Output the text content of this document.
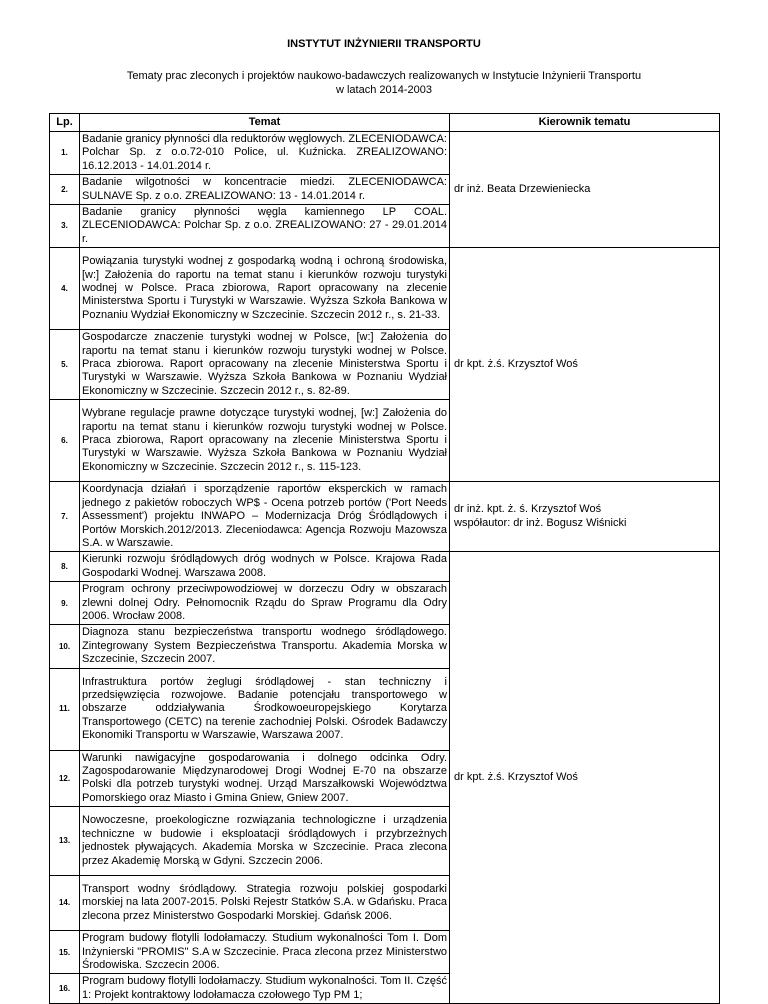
INSTYTUT INŻYNIERII TRANSPORTU
Tematy prac zleconych i projektów naukowo-badawczych realizowanych w Instytucie Inżynierii Transportu
w latach 2014-2003
Lp.	Temat	Kierownik tematu
1.	Badanie granicy płynności dla reduktorów węglowych. ZLECENIODAWCA: Polchar Sp. z o.o.72-010 Police, ul. Kuźnicka. ZREALIZOWANO: 16.12.2013 - 14.01.2014 r.	dr inż. Beata Drzewieniecka

2.	Badanie wilgotności w koncentracie miedzi. ZLECENIODAWCA: SULNAVE Sp. z o.o. ZREALIZOWANO: 13 - 14.01.2014 r.	
3.	Badanie granicy płynności węgla kamiennego LP COAL. ZLECENIODAWCA: Polchar Sp. z o.o. ZREALIZOWANO: 27 - 29.01.2014 r.	
4.	Powiązania turystyki wodnej z gospodarką wodną i ochroną środowiska, [w:] Założenia do raportu na temat stanu i kierunków rozwoju turystyki wodnej w Polsce. Praca zbiorowa, Raport opracowany na zlecenie Ministerstwa Sportu i Turystyki w Warszawie. Wyższa Szkoła Bankowa w Poznaniu Wydział Ekonomiczny w Szczecinie. Szczecin 2012 r., s. 21-33.	dr kpt. ż.ś. Krzysztof Woś

5.	Gospodarcze znaczenie turystyki wodnej w Polsce, [w:] Założenia do raportu na temat stanu i kierunków rozwoju turystyki wodnej w Polsce. Praca zbiorowa. Raport opracowany na zlecenie Ministerstwa Sportu i Turystyki w Warszawie. Wyższa Szkoła Bankowa w Poznaniu Wydział Ekonomiczny w Szczecinie. Szczecin 2012 r., s. 82-89.	
6.	Wybrane regulacje prawne dotyczące turystyki wodnej, [w:] Założenia do raportu na temat stanu i kierunków rozwoju turystyki wodnej w Polsce. Praca zbiorowa, Raport opracowany na zlecenie Ministerstwa Sportu i Turystyki w Warszawie. Wyższa Szkoła Bankowa w Poznaniu Wydział Ekonomiczny w Szczecinie. Szczecin 2012 r., s. 115-123.	
7.	Koordynacja działań i sporządzenie raportów eksperckich w ramach jednego z pakietów roboczych WP$ - Ocena potrzeb portów ('Port Needs Assessment') projektu INWAPO – Modernizacja Dróg Śródlądowych i Portów Morskich.2012/2013. Zleceniodawca: Agencja Rozwoju Mazowsza S.A. w Warszawie.	dr inż. kpt. ż. ś. Krzysztof Woś
współautor: dr inż. Bogusz Wiśnicki

8.	Kierunki rozwoju śródlądowych dróg wodnych w Polsce. Krajowa Rada Gospodarki Wodnej. Warszawa 2008.	dr kpt. ż.ś. Krzysztof Woś

9.	Program ochrony przeciwpowodziowej w dorzeczu Odry w obszarach zlewni dolnej Odry. Pełnomocnik Rządu do Spraw Programu dla Odry 2006. Wrocław 2008.	
10.	Diagnoza stanu bezpieczeństwa transportu wodnego śródlądowego. Zintegrowany System Bezpieczeństwa Transportu. Akademia Morska w Szczecinie, Szczecin 2007.	
11.	Infrastruktura portów żeglugi śródlądowej - stan techniczny i przedsięwzięcia rozwojowe. Badanie potencjału transportowego w obszarze oddziaływania Środkowoeuropejskiego Korytarza Transportowego (CETC) na terenie zachodniej Polski. Ośrodek Badawczy Ekonomiki Transportu w Warszawie, Warszawa 2007.	
12.	Warunki nawigacyjne gospodarowania i dolnego odcinka Odry. Zagospodarowanie Międzynarodowej Drogi Wodnej E-70 na obszarze Polski dla potrzeb turystyki wodnej. Urząd Marszałkowski Województwa Pomorskiego oraz Miasto i Gmina Gniew, Gniew 2007.	
13.	Nowoczesne, proekologiczne rozwiązania technologiczne i urządzenia techniczne w budowie i eksploatacji śródlądowych i przybrzeżnych jednostek pływających. Akademia Morska w Szczecinie. Praca zlecona przez Akademię Morską w Gdyni. Szczecin 2006.	
14.	Transport wodny śródlądowy. Strategia rozwoju polskiej gospodarki morskiej na lata 2007-2015. Polski Rejestr Statków S.A. w Gdańsku. Praca zlecona przez Ministerstwo Gospodarki Morskiej. Gdańsk 2006.	
15.	Program budowy flotylli lodołamaczy. Studium wykonalności Tom I. Dom Inżynierski "PROMIS" S.A w Szczecinie. Praca zlecona przez Ministerstwo Środowiska. Szczecin 2006.	
16.	Program budowy flotylli lodołamaczy. Studium wykonalności. Tom II. Część 1: Projekt kontraktowy lodołamacza czołowego Typ PM 1;	
